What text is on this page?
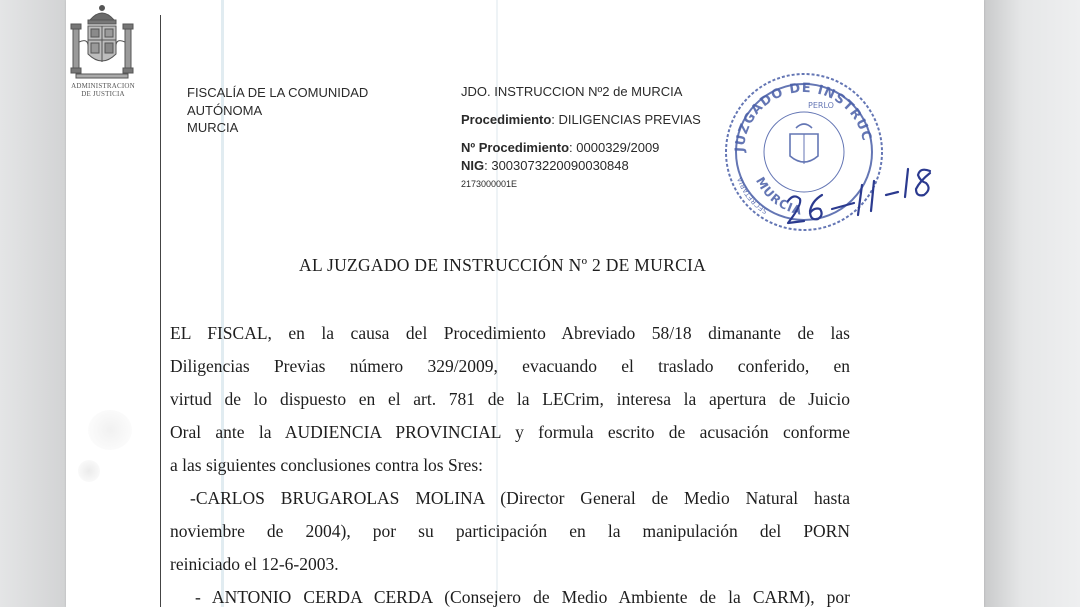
ADMINISTRACION
DE JUSTICIA	FISCALÍA DE LA COMUNIDAD
AUTÓNOMA
MURCIA
JDO. INSTRUCCION Nº2 de MURCIA
Procedimiento: DILIGENCIAS PREVIAS
Nº Procedimiento: 0000329/2009
NIG: 3003073220090030848
2173000001E
JUZGADO DE INSTRUC
PERLO
SECRETARIA MURCIA
AL JUZGADO DE INSTRUCCIÓN Nº 2 DE MURCIA
EL FISCAL, en la causa del Procedimiento Abreviado 58/18 dimanante de las
Diligencias Previas número 329/2009, evacuando el traslado conferido, en
virtud de lo dispuesto en el art. 781 de la LECrim, interesa la apertura de Juicio
Oral ante la AUDIENCIA PROVINCIAL y formula escrito de acusación conforme
a las siguientes conclusiones contra los Sres:
-CARLOS BRUGAROLAS MOLINA (Director General de Medio Natural hasta
noviembre de 2004), por su participación en la manipulación del PORN
reiniciado el 12-6-2003.
- ANTONIO CERDA CERDA (Consejero de Medio Ambiente de la CARM), por
